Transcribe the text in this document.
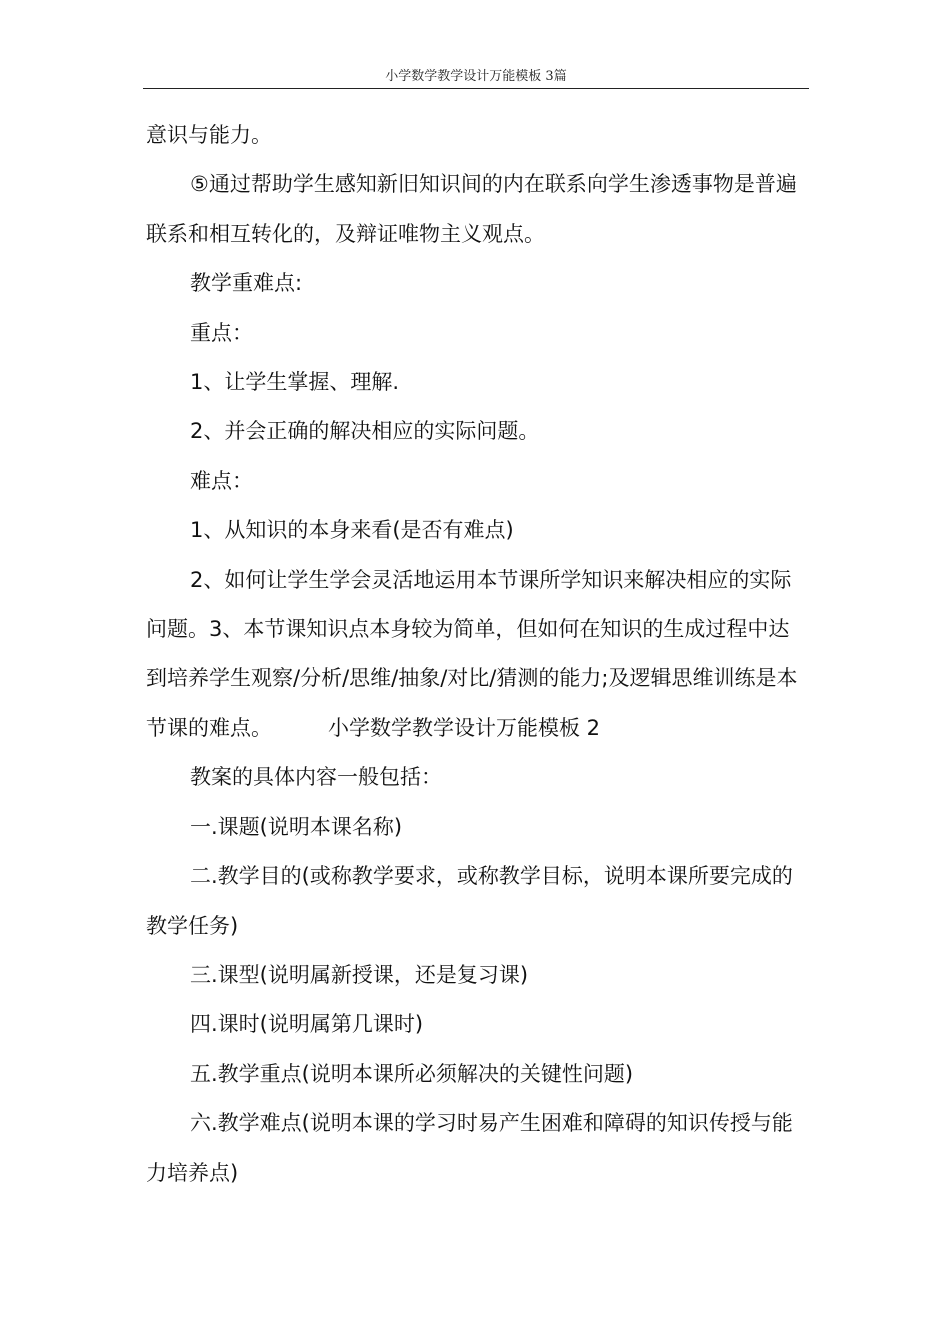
小学数学教学设计万能模板 3篇

意识与能力。

⑤通过帮助学生感知新旧知识间的内在联系向学生渗透事物是普遍联系和相互转化的，及辩证唯物主义观点。

教学重难点:

重点：

1、让学生掌握、理解.

2、并会正确的解决相应的实际问题。

难点：

1、从知识的本身来看(是否有难点)

2、如何让学生学会灵活地运用本节课所学知识来解决相应的实际问题。3、本节课知识点本身较为简单，但如何在知识的生成过程中达到培养学生观察/分析/思维/抽象/对比/猜测的能力;及逻辑思维训练是本节课的难点。	小学数学教学设计万能模板 2

教案的具体内容一般包括：

一.课题(说明本课名称)

二.教学目的(或称教学要求，或称教学目标，说明本课所要完成的教学任务)

三.课型(说明属新授课，还是复习课)

四.课时(说明属第几课时)

五.教学重点(说明本课所必须解决的关键性问题)

六.教学难点(说明本课的学习时易产生困难和障碍的知识传授与能力培养点)
